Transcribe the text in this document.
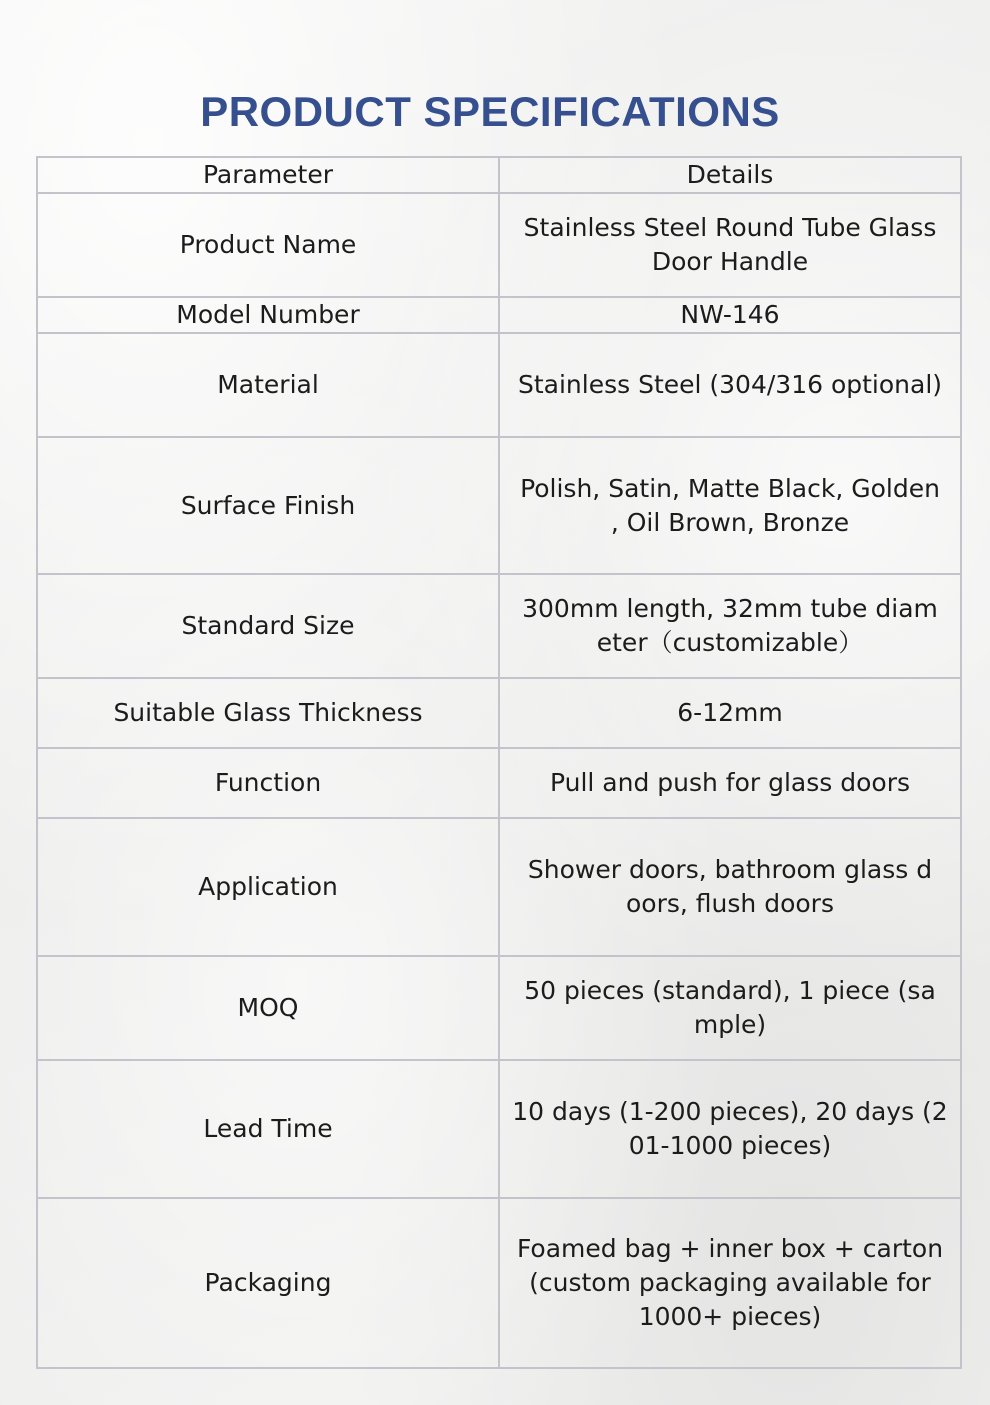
PRODUCT SPECIFICATIONS
Parameter	Details
Product Name	Stainless Steel Round Tube Glass Door Handle
Model Number	NW-146
Material	Stainless Steel (304/316 optional)
Surface Finish	Polish, Satin, Matte Black, Golden
, Oil Brown, Bronze
Standard Size	300mm length, 32mm tube diam
eter（customizable）
Suitable Glass Thickness	6-12mm
Function	Pull and push for glass doors
Application	Shower doors, bathroom glass d
oors, flush doors
MOQ	50 pieces (standard), 1 piece (sa
mple)
Lead Time	10 days (1-200 pieces), 20 days (2
01-1000 pieces)
Packaging	Foamed bag + inner box + carton
(custom packaging available for
1000+ pieces)
